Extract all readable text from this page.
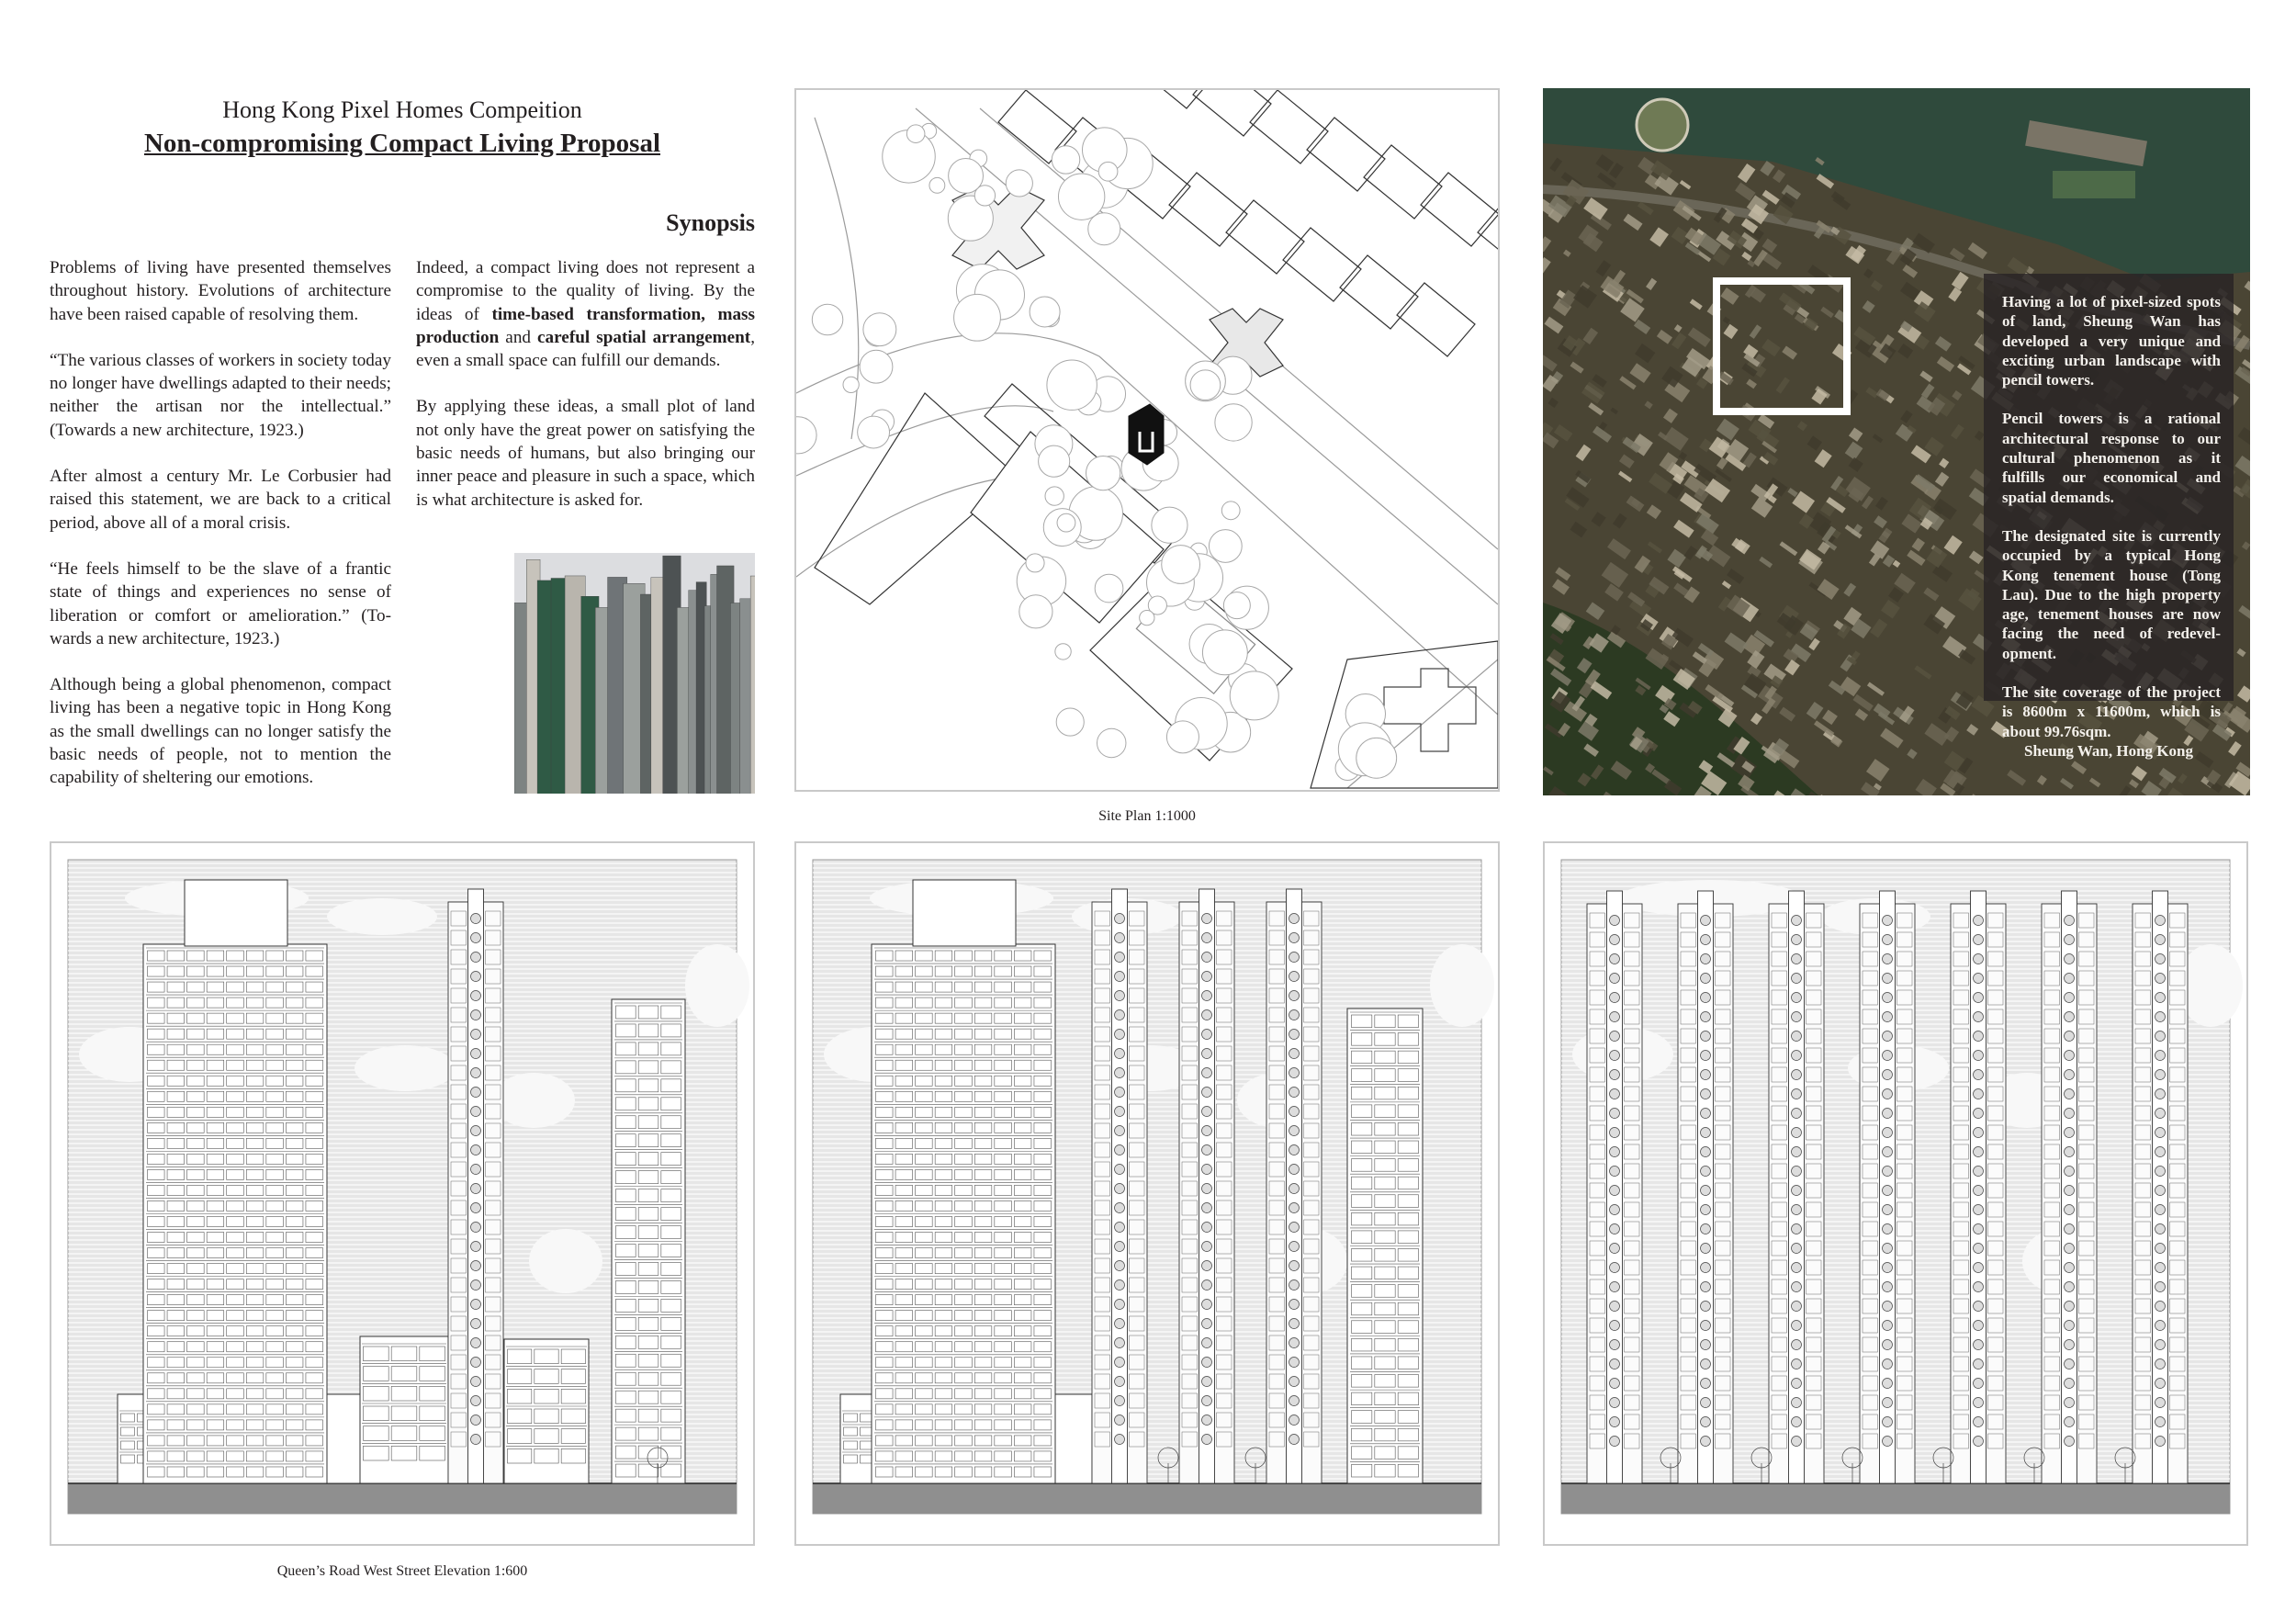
Hong Kong Pixel Homes Compeition
Non-compromising Compact Living Proposal
Synopsis

Problems of living have presented themselves throughout history. Evolutions of architecture have been raised capable of resolving them.

“The various classes of workers in society today no longer have dwellings adapted to their needs; neither the artisan nor the intellectual.” (Towards a new architecture, 1923.)

After almost a century Mr. Le Corbusier had raised this statement, we are back to a critical period, above all of a moral crisis.

“He feels himself to be the slave of a frantic state of things and experiences no sense of liberation or comfort or amelioration.” (Towards a new architecture, 1923.)

Although being a global phenomenon, compact living has been a negative topic in Hong Kong as the small dwellings can no longer satisfy the basic needs of people, not to mention the capability of sheltering our emotions.

Indeed, a compact living does not represent a compromise to the quality of living. By the ideas of time-based transformation, mass production and careful spatial arrangement, even a small space can fulfill our demands.

By applying these ideas, a small plot of land not only have the great power on satisfying the basic needs of humans, but also bringing our inner peace and pleasure in such a space, which is what architecture is asked for.

Site Plan 1:1000

Having a lot of pixel-sized spots of land, Sheung Wan has developed a very unique and exciting urban landscape with pencil towers.

Pencil towers is a rational architectural response to our cultural phenomenon as it fulfills our economical and spatial demands.

The designated site is currently occupied by a typical Hong Kong tenement house (Tong Lau). Due to the high property age, tenement houses are now facing the need of redevelopment.

The site coverage of the project is 8600m x 11600m, which is about 99.76sqm.

Sheung Wan, Hong Kong
Queen’s Road West Street Elevation 1:600
